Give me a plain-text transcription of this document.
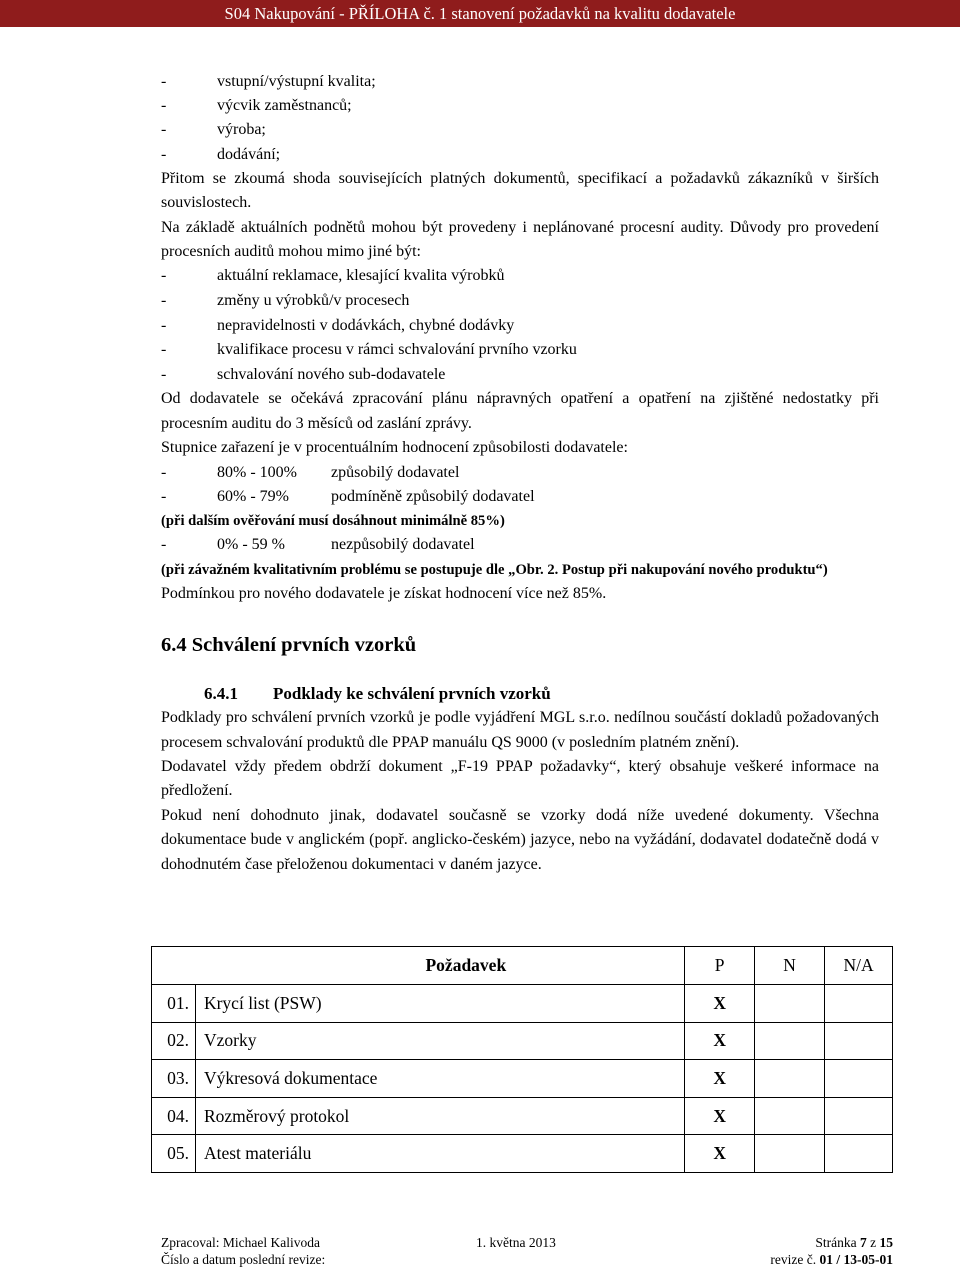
S04 Nakupování - PŘÍLOHA č. 1 stanovení požadavků na kvalitu dodavatele
- vstupní/výstupní kvalita;
- výcvik zaměstnanců;
- výroba;
- dodávání;

Přitom se zkoumá shoda souvisejících platných dokumentů, specifikací a požadavků zákazníků v širších souvislostech.

Na základě aktuálních podnětů mohou být provedeny i neplánované procesní audity. Důvody pro provedení procesních auditů mohou mimo jiné být:

- aktuální reklamace, klesající kvalita výrobků
- změny u výrobků/v procesech
- nepravidelnosti v dodávkách, chybné dodávky
- kvalifikace procesu v rámci schvalování prvního vzorku
- schvalování nového sub-dodavatele

Od dodavatele se očekává zpracování plánu nápravných opatření a opatření na zjištěné nedostatky při procesním auditu do 3 měsíců od zaslání zprávy.

Stupnice zařazení je v procentuálním hodnocení způsobilosti dodavatele:

-	80% - 100%	způsobilý dodavatel

-	60% - 79%	podmíněně způsobilý dodavatel

(při dalším ověřování musí dosáhnout minimálně 85%)

-	0% - 59 %	nezpůsobilý dodavatel

(při závažném kvalitativním problému se postupuje dle „Obr. 2. Postup při nakupování nového produktu“)

Podmínkou pro nového dodavatele je získat hodnocení více než 85%.

6.4 Schválení prvních vzorků
6.4.1 Podklady ke schválení prvních vzorků

Podklady pro schválení prvních vzorků je podle vyjádření MGL s.r.o. nedílnou součástí dokladů požadovaných procesem schvalování produktů dle PPAP manuálu QS 9000 (v posledním platném znění).

Dodavatel vždy předem obdrží dokument „F-19 PPAP požadavky“, který obsahuje veškeré informace na předložení.

Pokud není dohodnuto jinak, dodavatel současně se vzorky dodá níže uvedené dokumenty. Všechna dokumentace bude v anglickém (popř. anglicko-českém) jazyce, nebo na vyžádání, dodavatel dodatečně dodá v dohodnutém čase přeloženou dokumentaci v daném jazyce.

	Požadavek	P	N	N/A
01.	Krycí list (PSW)	X		
02.	Vzorky	X		
03.	Výkresová dokumentace	X		
04.	Rozměrový protokol	X		
05.	Atest materiálu	X		
Zpracoval: Michael Kalivoda	1. května 2013	Stránka 7 z 15
Číslo a datum poslední revize:	revize č. 01 / 13-05-01
